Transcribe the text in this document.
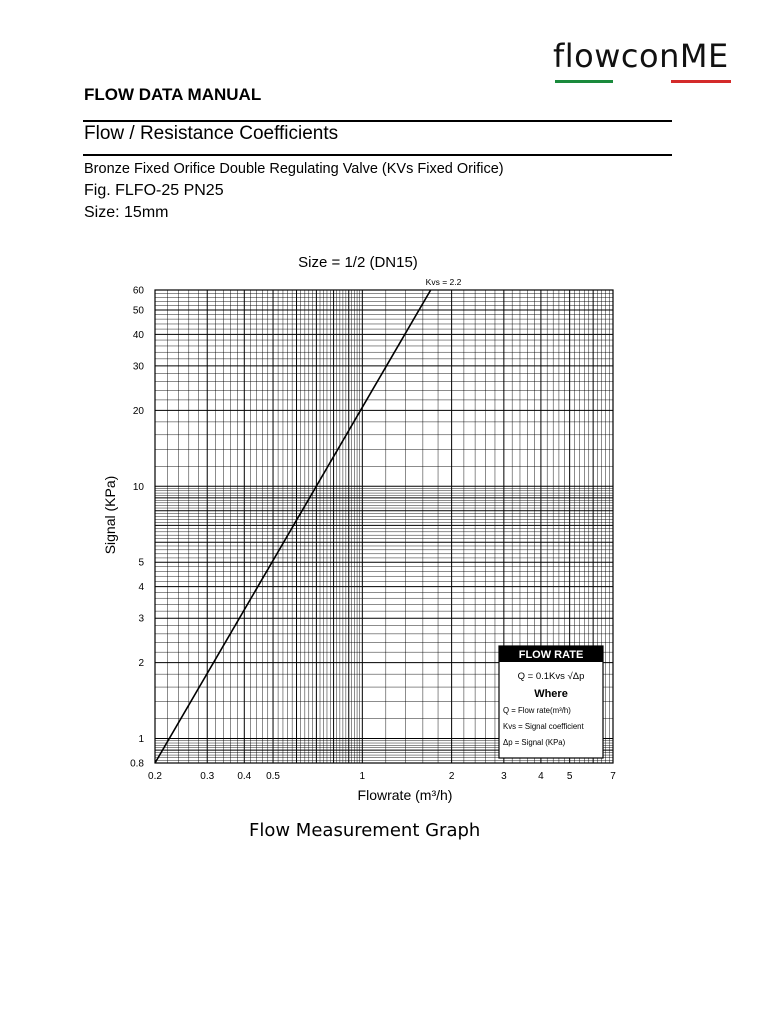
flowconME
FLOW DATA MANUAL
Flow / Resistance Coefficients
Bronze Fixed Orifice Double Regulating Valve (KVs Fixed Orifice)
Fig. FLFO-25 PN25
Size: 15mm
Size = 1/2 (DN15)
0.2	0.3 0.4 0.5	1	2	3	4 5	7
0.8
1
2
3
4
5
10
20
30
40
50
60
Kvs = 2.2
Flowrate (m³/h)
Signal (KPa)
FLOW RATE
Q = 0.1Kvs √Δp
Where
Q = Flow rate(m³/h)
Kvs = Signal coefficient
Δp = Signal (KPa)
Flow Measurement Graph
